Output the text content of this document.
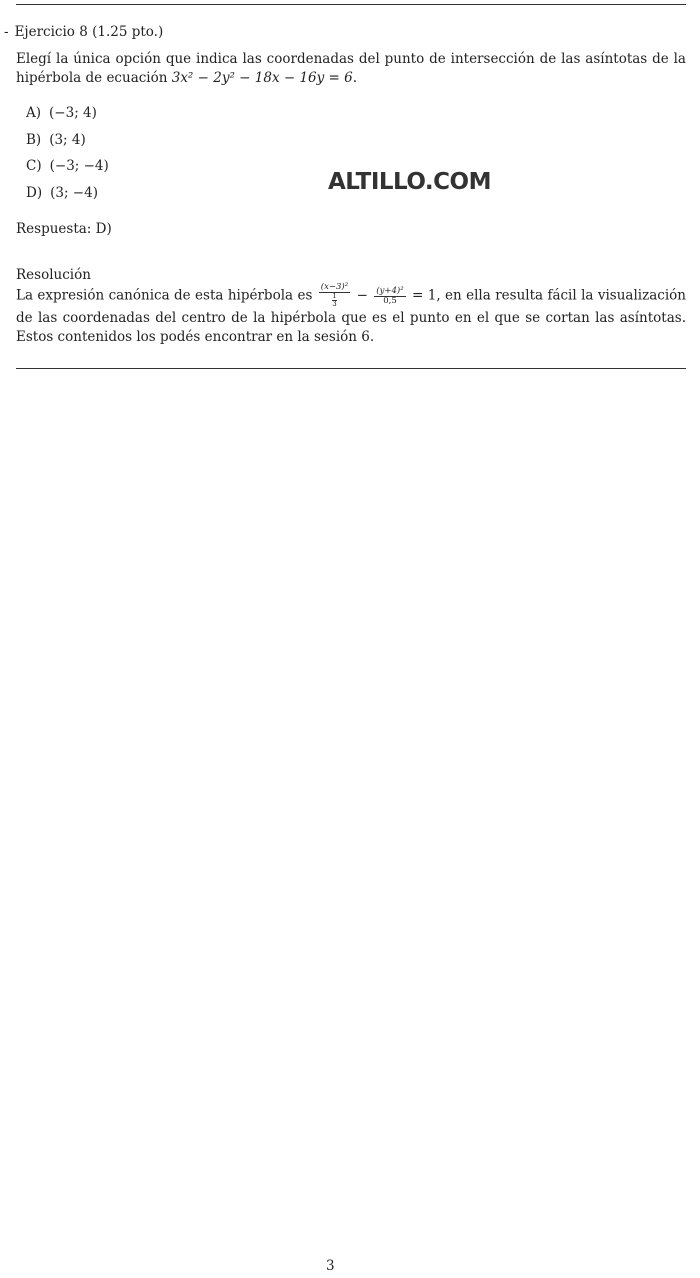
- Ejercicio 8 (1.25 pto.)
Elegí la única opción que indica las coordenadas del punto de intersección de las asíntotas de la hipérbola de ecuación 3x² − 2y² − 18x − 16y = 6.
A) (−3; 4)
B) (3; 4)
C) (−3; −4)
D) (3; −4)	ALTILLO.COM
Respuesta: D)
Resolución
La expresión canónica de esta hipérbola es $\frac{\text{(x−3)²}}{\frac{1}{3}} - \frac{\text{(y+4)²}}{0,5} = 1$, en ella resulta fácil la visualización de las coordenadas del centro de la hipérbola que es el punto en el que se cortan las asíntotas. Estos contenidos los podés encontrar en la sesión 6.
3
